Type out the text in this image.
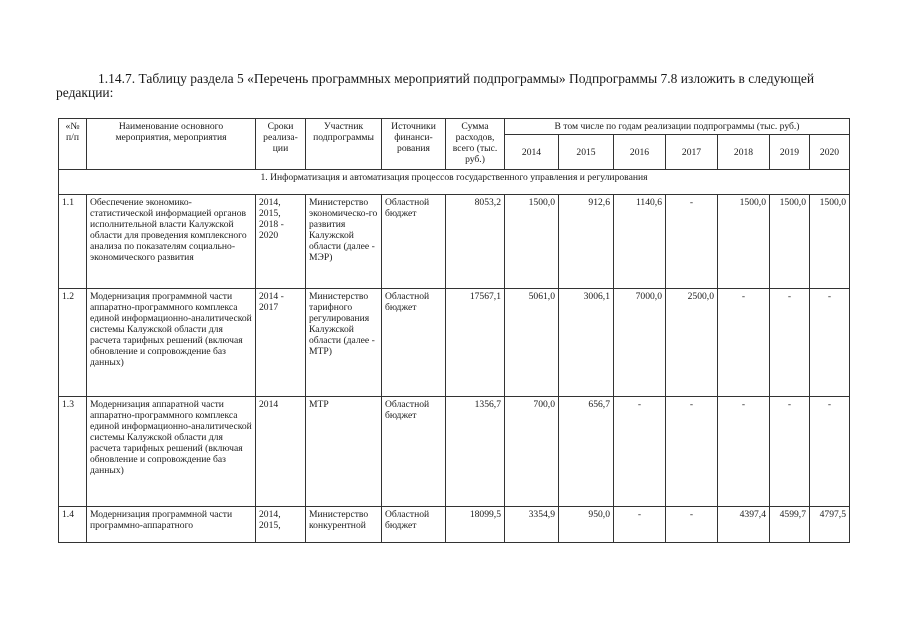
1.14.7. Таблицу раздела 5 «Перечень программных мероприятий подпрограммы» Подпрограммы 7.8 изложить в следующей редакции:
«№ п/п	Наименование основного мероприятия, мероприятия	Сроки реализа-ции	Участник подпрограммы	Источники финанси-рования	Сумма расходов, всего (тыс. руб.)	В том числе по годам реализации подпрограммы (тыс. руб.)						
						2014	2015	2016	2017	2018	2019	2020
1. Информатизация и автоматизация процессов государственного управления и регулирования												
1.1	Обеспечение экономико-статистической информацией органов исполнительной власти Калужской области для проведения комплексного анализа по показателям социально-экономического развития	2014, 2015, 2018 - 2020	Министерство экономическо-го развития Калужской области (далее - МЭР)	Областной бюджет	8053,2	1500,0	912,6	1140,6	-	1500,0	1500,0	1500,0
1.2	Модернизация программной части аппаратно-программного комплекса единой информационно-аналитической системы Калужской области для расчета тарифных решений (включая обновление и сопровождение баз данных)	2014 - 2017	Министерство тарифного регулирования Калужской области (далее - МТР)	Областной бюджет	17567,1	5061,0	3006,1	7000,0	2500,0	-	-	-
1.3	Модернизация аппаратной части аппаратно-программного комплекса единой информационно-аналитической системы Калужской области для расчета тарифных решений (включая обновление и сопровождение баз данных)	2014	МТР	Областной бюджет	1356,7	700,0	656,7	-	-	-	-	-
1.4	Модернизация программной части программно-аппаратного	2014, 2015,	Министерство конкурентной	Областной бюджет	18099,5	3354,9	950,0	-	-	4397,4	4599,7	4797,5
